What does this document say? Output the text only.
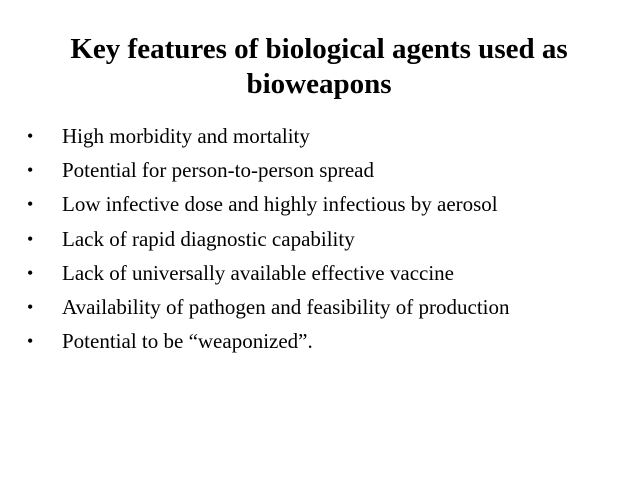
Key features of biological agents used as
bioweapons
• High morbidity and mortality
• Potential for person-to-person spread
• Low infective dose and highly infectious by aerosol
• Lack of rapid diagnostic capability
• Lack of universally available effective vaccine
• Availability of pathogen and feasibility of production
• Potential to be “weaponized”.
